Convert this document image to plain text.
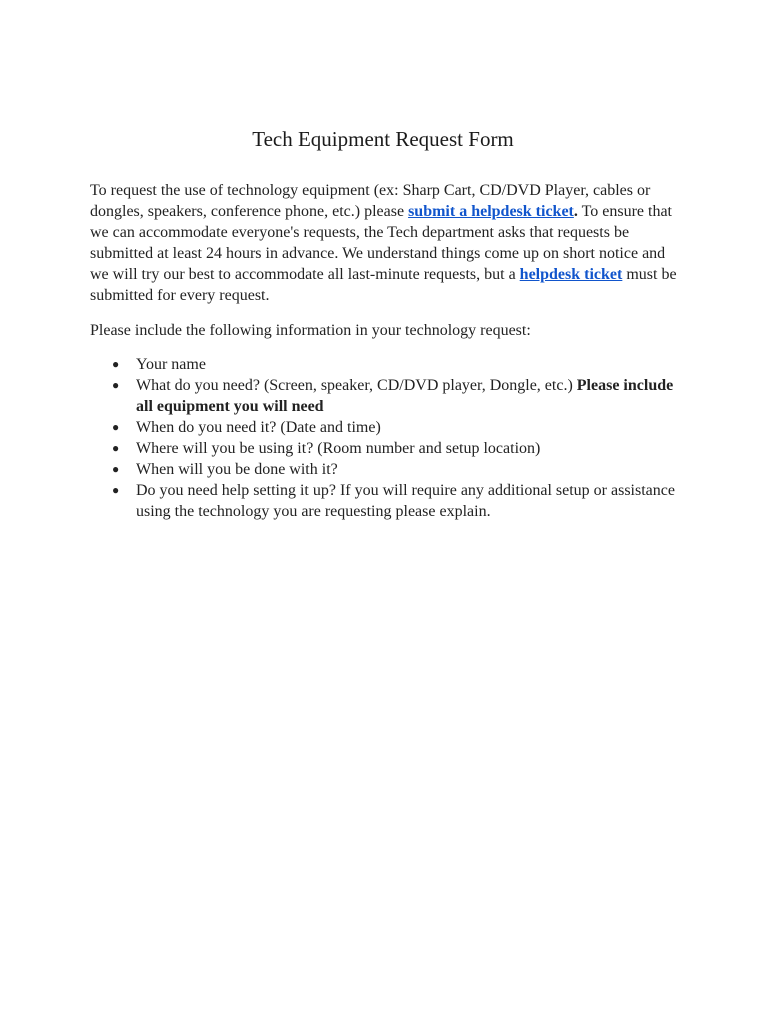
Tech Equipment Request Form

To request the use of technology equipment (ex: Sharp Cart, CD/DVD Player, cables or dongles, speakers, conference phone, etc.) please submit a helpdesk ticket. To ensure that we can accommodate everyone's requests, the Tech department asks that requests be submitted at least 24 hours in advance. We understand things come up on short notice and we will try our best to accommodate all last-minute requests, but a helpdesk ticket must be submitted for every request.

Please include the following information in your technology request:

● Your name
● What do you need? (Screen, speaker, CD/DVD player, Dongle, etc.) Please include all equipment you will need
● When do you need it? (Date and time)
● Where will you be using it? (Room number and setup location)
● When will you be done with it?
● Do you need help setting it up? If you will require any additional setup or assistance using the technology you are requesting please explain.
